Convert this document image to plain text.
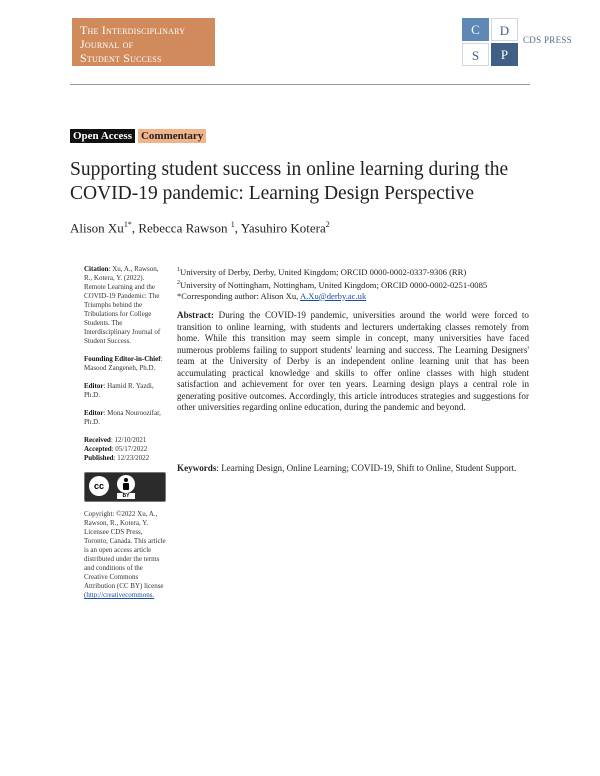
The Interdisciplinary
Journal of
Student Success
C	D
S	P
CDS PRESS
Open Access Commentary
Supporting student success in online learning during the COVID-19 pandemic: Learning Design Perspective
Alison $Xu^{1*}$, Rebecca Rawson $^1$, Yasuhiro Kotera$^2$

Citation: Xu, A., Rawson, R., Kotera, Y. (2022). Remote Learning and the COVID-19 Pandemic: The Triumphs behind the Tribulations for College Students. The Interdisciplinary Journal of Student Success.

Founding Editor-in-Chief: Masood Zangeneh, Ph.D.

Editor: Hamid R. Yazdi, Ph.D.

Editor: Mona Nouroozifar, Ph.D.

Received: 12/10/2021
Accepted: 05/17/2022
Published: 12/23/2022

cc
BY

Copyright: ©2022 Xu, A., Rawson, R., Kotera, Y. Licensee CDS Press, Toronto, Canada. This article is an open access article distributed under the terms and conditions of the Creative Commons Attribution (CC BY) license
(http://creativecommons.

$^1$University of Derby, Derby, United Kingdom; ORCID 0000-0002-0337-9306 (RR)
$^2$University of Nottingham, Nottingham, United Kingdom; ORCID 0000-0002-0251-0085
*Corresponding author: Alison Xu, A.Xu@derby.ac.uk
Abstract: During the COVID-19 pandemic, universities around the world were forced to transition to online learning, with students and lecturers undertaking classes remotely from home. While this transition may seem simple in concept, many universities have faced numerous problems failing to support students' learning and success. The Learning Designers' team at the University of Derby is an independent online learning unit that has been accumulating practical knowledge and skills to offer online classes with high student satisfaction and achievement for over ten years. Learning design plays a central role in generating positive outcomes. Accordingly, this article introduces strategies and suggestions for other universities regarding online education, during the pandemic and beyond.
Keywords: Learning Design, Online Learning; COVID-19, Shift to Online, Student Support.
